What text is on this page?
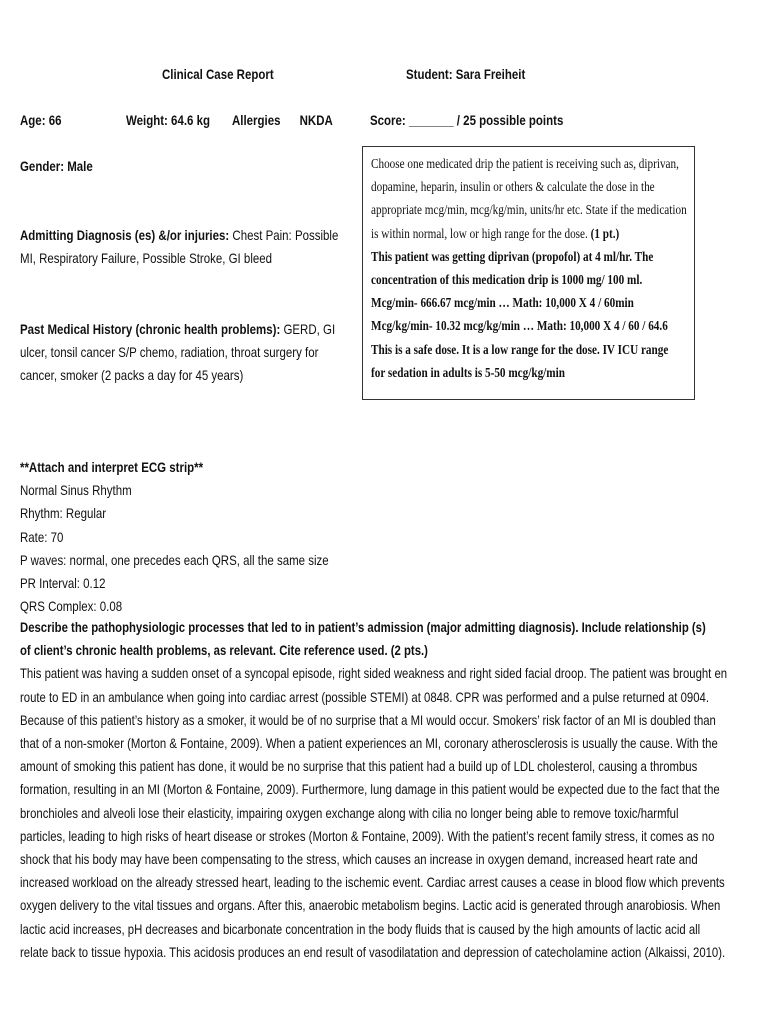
Clinical Case Report	Student: Sara Freiheit
Age: 66	Weight: 64.6 kg Allergies      NKDA	Score: _______ / 25 possible points
Gender: Male
Admitting Diagnosis (es) &/or injuries: Chest Pain: Possible MI, Respiratory Failure, Possible Stroke, GI bleed
Past Medical History (chronic health problems): GERD, GI ulcer, tonsil cancer S/P chemo, radiation, throat surgery for cancer, smoker (2 packs a day for 45 years)
Choose one medicated drip the patient is receiving such as, diprivan, dopamine, heparin, insulin or others & calculate the dose in the appropriate mcg/min, mcg/kg/min, units/hr etc. State if the medication is within normal, low or high range for the dose. (1 pt.)
This patient was getting diprivan (propofol) at 4 ml/hr. The
concentration of this medication drip is 1000 mg/ 100 ml.
Mcg/min- 666.67 mcg/min … Math: 10,000 X 4 / 60min
Mcg/kg/min- 10.32 mcg/kg/min … Math: 10,000 X 4 / 60 / 64.6
This is a safe dose. It is a low range for the dose. IV ICU range
for sedation in adults is 5-50 mcg/kg/min
**Attach and interpret ECG strip**
Normal Sinus Rhythm
Rhythm: Regular
Rate: 70
P waves: normal, one precedes each QRS, all the same size
PR Interval: 0.12
QRS Complex: 0.08
Describe the pathophysiologic processes that led to in patient’s admission (major admitting diagnosis). Include relationship (s)
of client’s chronic health problems, as relevant. Cite reference used. (2 pts.)
This patient was having a sudden onset of a syncopal episode, right sided weakness and right sided facial droop. The patient was brought en
route to ED in an ambulance when going into cardiac arrest (possible STEMI) at 0848. CPR was performed and a pulse returned at 0904.
Because of this patient’s history as a smoker, it would be of no surprise that a MI would occur. Smokers’ risk factor of an MI is doubled than
that of a non-smoker (Morton & Fontaine, 2009). When a patient experiences an MI, coronary atherosclerosis is usually the cause. With the
amount of smoking this patient has done, it would be no surprise that this patient had a build up of LDL cholesterol, causing a thrombus
formation, resulting in an MI (Morton & Fontaine, 2009). Furthermore, lung damage in this patient would be expected due to the fact that the
bronchioles and alveoli lose their elasticity, impairing oxygen exchange along with cilia no longer being able to remove toxic/harmful
particles, leading to high risks of heart disease or strokes (Morton & Fontaine, 2009). With the patient’s recent family stress, it comes as no
shock that his body may have been compensating to the stress, which causes an increase in oxygen demand, increased heart rate and
increased workload on the already stressed heart, leading to the ischemic event. Cardiac arrest causes a cease in blood flow which prevents
oxygen delivery to the vital tissues and organs. After this, anaerobic metabolism begins. Lactic acid is generated through anarobiosis. When
lactic acid increases, pH decreases and bicarbonate concentration in the body fluids that is caused by the high amounts of lactic acid all
relate back to tissue hypoxia. This acidosis produces an end result of vasodilatation and depression of catecholamine action (Alkaissi, 2010).
